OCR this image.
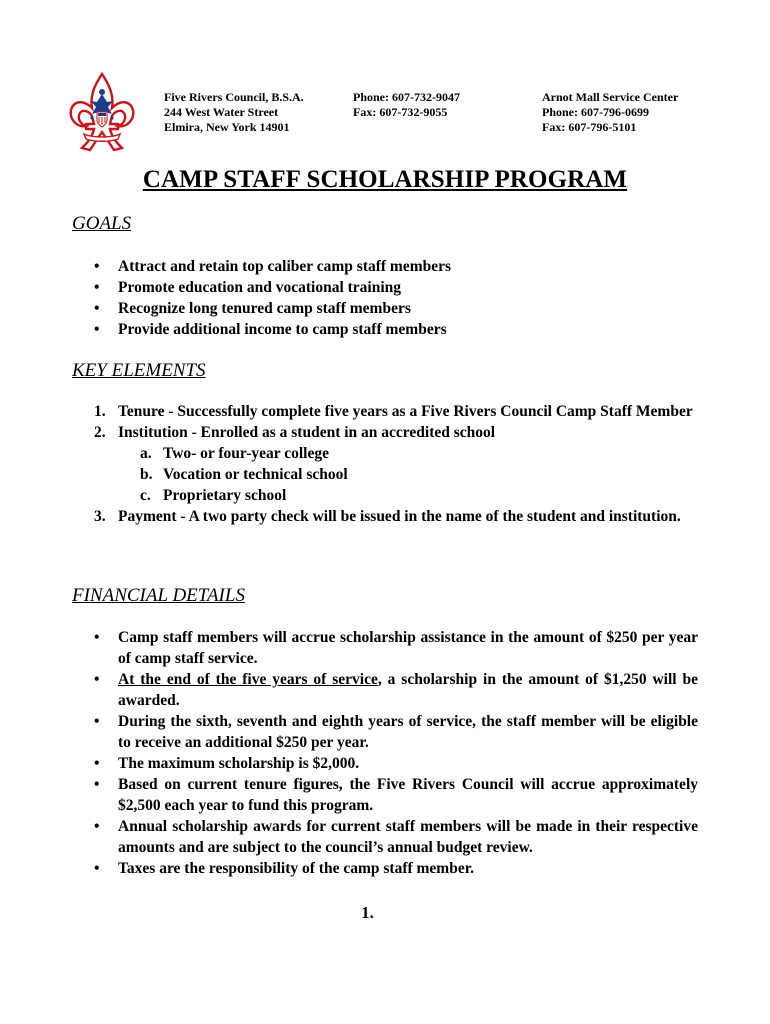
Five Rivers Council, B.S.A.
244 West Water Street
Elmira, New York 14901
Phone: 607-732-9047
Fax: 607-732-9055
Arnot Mall Service Center
Phone: 607-796-0699
Fax: 607-796-5101
CAMP STAFF SCHOLARSHIP PROGRAM
GOALS
• Attract and retain top caliber camp staff members
• Promote education and vocational training
• Recognize long tenured camp staff members
• Provide additional income to camp staff members
KEY ELEMENTS
1. Tenure - Successfully complete five years as a Five Rivers Council Camp Staff Member
2. Institution - Enrolled as a student in an accredited school
a. Two- or four-year college
b. Vocation or technical school
c. Proprietary school
3. Payment - A two party check will be issued in the name of the student and institution.
FINANCIAL DETAILS
• Camp staff members will accrue scholarship assistance in the amount of $250 per year of camp staff service.
• At the end of the five years of service, a scholarship in the amount of $1,250 will be awarded.
• During the sixth, seventh and eighth years of service, the staff member will be eligible to receive an additional $250 per year.
• The maximum scholarship is $2,000.
• Based on current tenure figures, the Five Rivers Council will accrue approximately $2,500 each year to fund this program.
• Annual scholarship awards for current staff members will be made in their respective amounts and are subject to the council’s annual budget review.
• Taxes are the responsibility of the camp staff member.
1.
